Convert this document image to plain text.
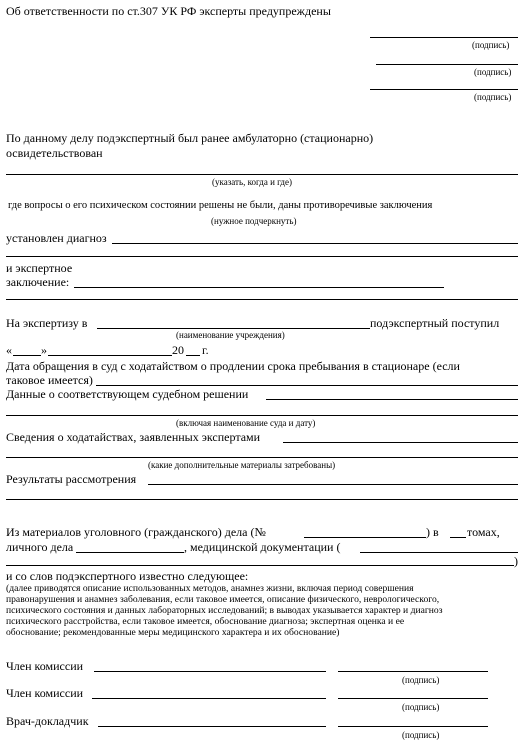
Об ответственности по ст.307 УК РФ эксперты предупреждены
(подпись)
(подпись)
(подпись)
По данному делу подэкспертный был ранее амбулаторно (стационарно)
освидетельствован
(указать, когда и где)
где вопросы о его психическом состоянии решены не были, даны противоречивые заключения
(нужное подчеркнуть)
установлен диагноз
и экспертное
заключение:
На экспертизу в	подэкспертный поступил
(наименование учреждения)
« »	20 г.
Дата обращения в суд с ходатайством о продлении срока пребывания в стационаре (если
таковое имеется)
Данные о соответствующем судебном решении
(включая наименование суда и дату)
Сведения о ходатайствах, заявленных экспертами
(какие дополнительные материалы затребованы)
Результаты рассмотрения
Из материалов уголовного (гражданского) дела (№	) в томах,
личного дела	, медицинской документации (
)
и со слов подэкспертного известно следующее:
(далее приводятся описание использованных методов, анамнез жизни, включая период совершения
правонарушения и анамнез заболевания, если таковое имеется, описание физического, неврологического,
психического состояния и данных лабораторных исследований; в выводах указывается характер и диагноз
психического расстройства, если таковое имеется, обоснование диагноза; экспертная оценка и ее
обоснование; рекомендованные меры медицинского характера и их обоснование)
Член комиссии
(подпись)
Член комиссии
(подпись)
Врач-докладчик
(подпись)
